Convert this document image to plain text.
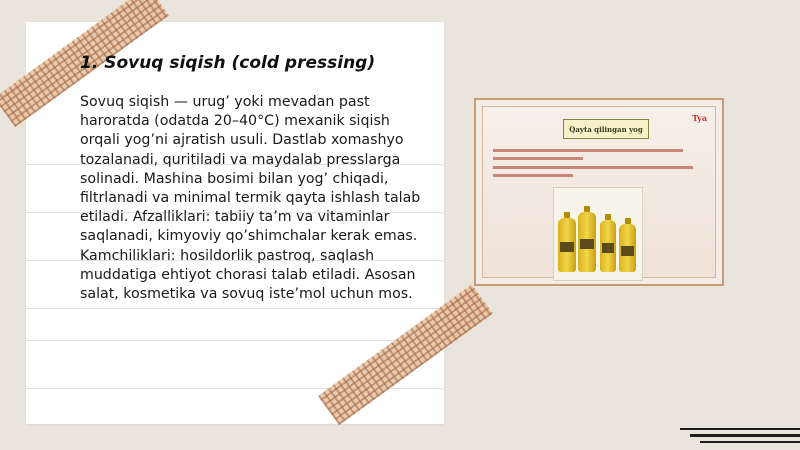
1. Sovuq siqish (cold pressing)
Sovuq siqish — urug’ yoki mevadan past haroratda (odatda 20–40°C) mexanik siqish orqali yog’ni ajratish usuli. Dastlab xomashyo tozalanadi, quritiladi va maydalab presslarga solinadi. Mashina bosimi bilan yog’ chiqadi, filtrlanadi va minimal termik qayta ishlash talab etiladi. Afzalliklari: tabiiy ta’m va vitaminlar saqlanadi, kimyoviy qo’shimchalar kerak emas. Kamchiliklari: hosildorlik pastroq, saqlash muddatiga ehtiyot chorasi talab etiladi. Asosan salat, kosmetika va sovuq iste’mol uchun mos.
Qayta qilingan yog
Tya
